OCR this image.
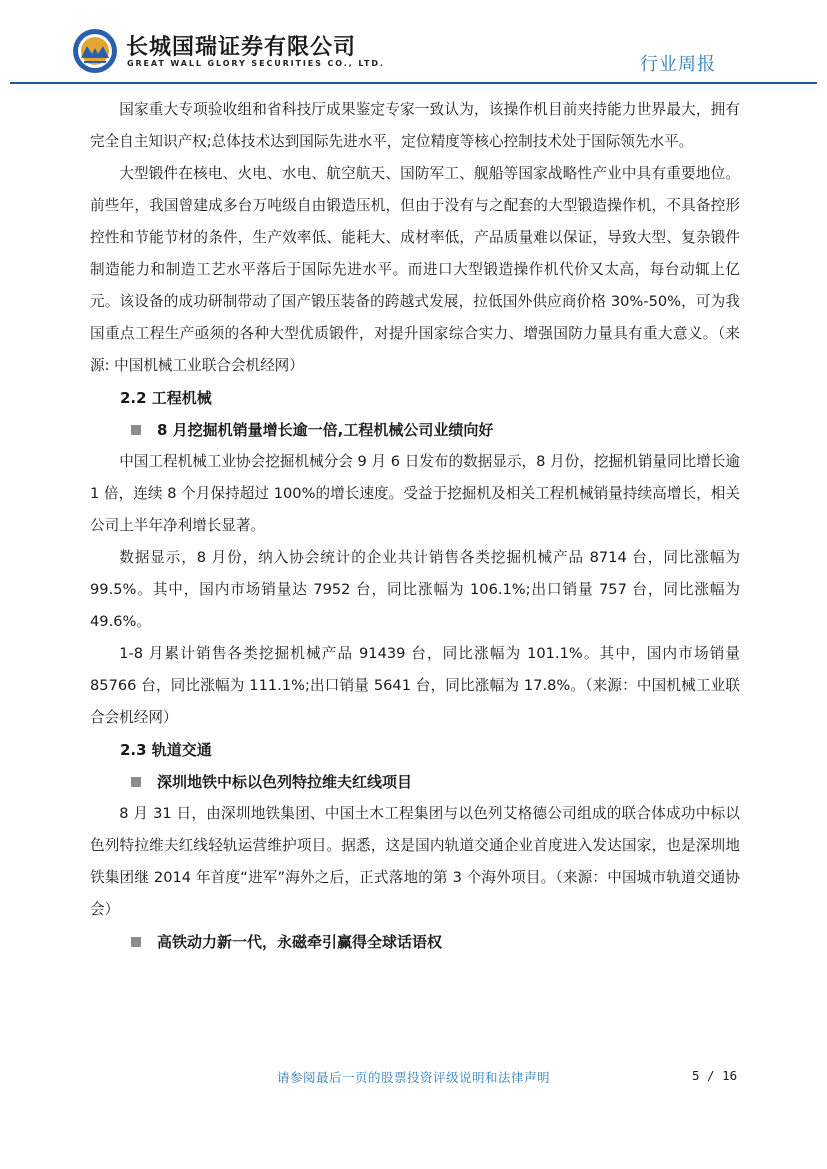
长城国瑞证券有限公司
GREAT WALL GLORY SECURITIES CO., LTD.	行业周报

国家重大专项验收组和省科技厅成果鉴定专家一致认为，该操作机目前夹持能力世界最大，拥有完全自主知识产权;总体技术达到国际先进水平，定位精度等核心控制技术处于国际领先水平。

大型锻件在核电、火电、水电、航空航天、国防军工、舰船等国家战略性产业中具有重要地位。前些年，我国曾建成多台万吨级自由锻造压机，但由于没有与之配套的大型锻造操作机，不具备控形控性和节能节材的条件，生产效率低、能耗大、成材率低，产品质量难以保证，导致大型、复杂锻件制造能力和制造工艺水平落后于国际先进水平。而进口大型锻造操作机代价又太高，每台动辄上亿元。该设备的成功研制带动了国产锻压装备的跨越式发展，拉低国外供应商价格 30%-50%，可为我国重点工程生产亟须的各种大型优质锻件，对提升国家综合实力、增强国防力量具有重大意义。（来源: 中国机械工业联合会机经网）

2.2 工程机械
8 月挖掘机销量增长逾一倍,工程机械公司业绩向好

中国工程机械工业协会挖掘机械分会 9 月 6 日发布的数据显示，8 月份，挖掘机销量同比增长逾 1 倍，连续 8 个月保持超过 100%的增长速度。受益于挖掘机及相关工程机械销量持续高增长，相关公司上半年净利增长显著。

数据显示，8 月份，纳入协会统计的企业共计销售各类挖掘机械产品 8714 台，同比涨幅为 99.5%。其中，国内市场销量达 7952 台，同比涨幅为 106.1%;出口销量 757 台，同比涨幅为 49.6%。

1-8 月累计销售各类挖掘机械产品 91439 台，同比涨幅为 101.1%。其中，国内市场销量 85766 台，同比涨幅为 111.1%;出口销量 5641 台，同比涨幅为 17.8%。（来源：中国机械工业联合会机经网）

2.3 轨道交通
深圳地铁中标以色列特拉维夫红线项目

8 月 31 日，由深圳地铁集团、中国土木工程集团与以色列艾格德公司组成的联合体成功中标以色列特拉维夫红线轻轨运营维护项目。据悉，这是国内轨道交通企业首度进入发达国家，也是深圳地铁集团继 2014 年首度“进军”海外之后，正式落地的第 3 个海外项目。（来源：中国城市轨道交通协会）

高铁动力新一代，永磁牵引赢得全球话语权
请参阅最后一页的股票投资评级说明和法律声明	5 / 16
